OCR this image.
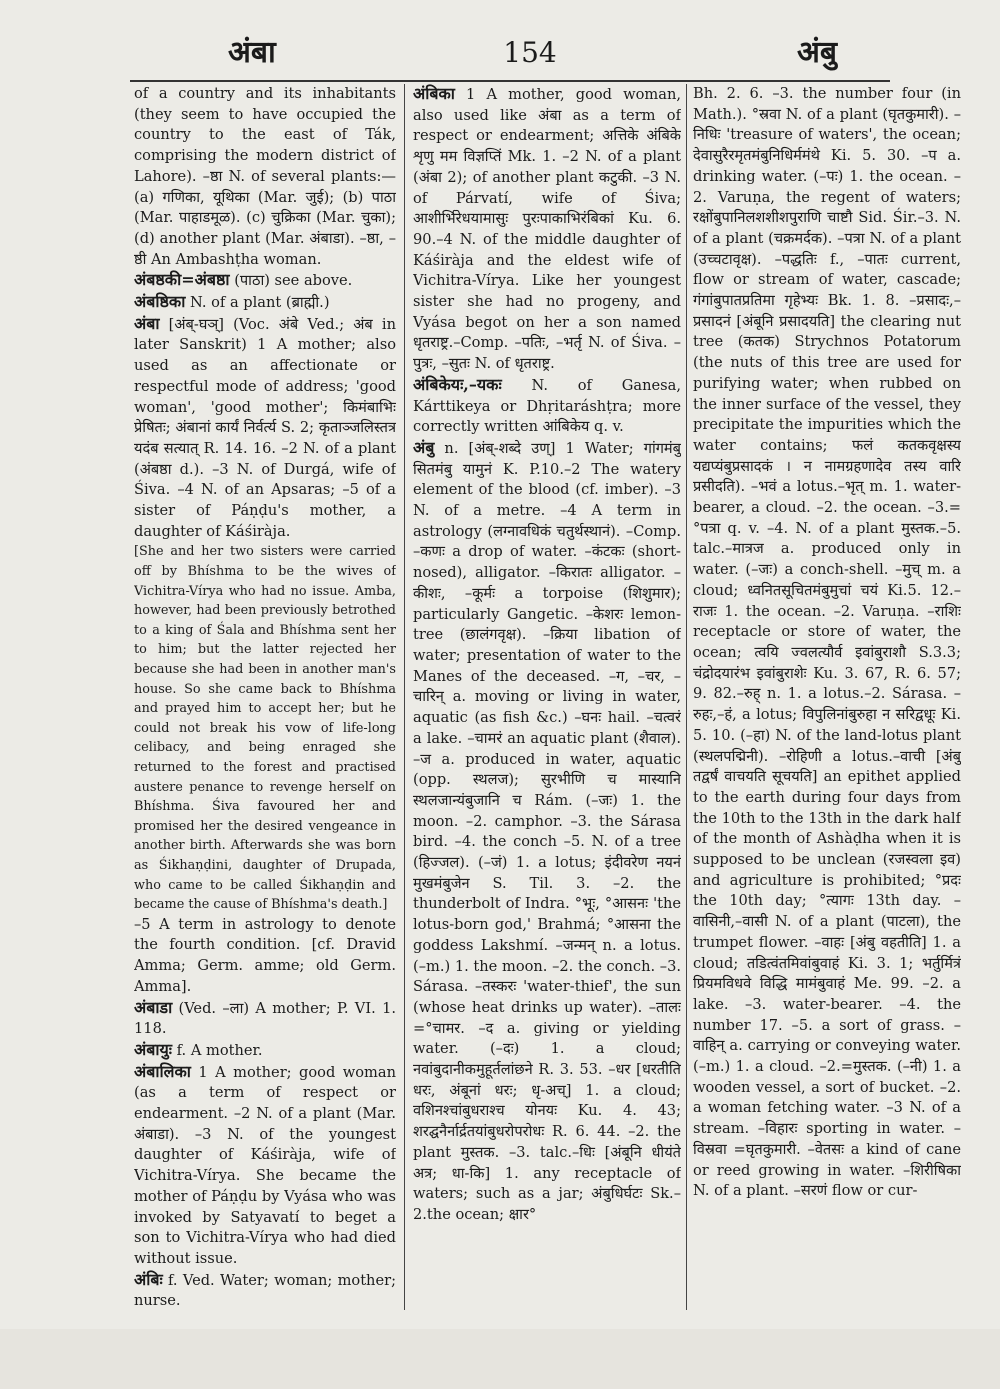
अंबा	154	अंबु

of a country and its inhabitants (they seem to have occupied the country to the east of Ták, comprising the modern district of Lahore). –ष्ठा N. of several plants:— (a) गणिका, यूथिका (Mar. जुई); (b) पाठा (Mar. पाहाडमूळ). (c) चुक्रिका (Mar. चुका); (d) another plant (Mar. अंबाडा). –ष्ठा, –ष्ठी An Ambashṭha woman.

अंबष्ठकी=अंबष्ठा (पाठा) see above.

अंबष्ठिका N. of a plant (ब्राह्मी.)

अंबा [अंब्-घञ्] (Voc. अंबे Ved.; अंब in later Sanskrit) 1 A mother; also used as an affectionate or respectful mode of address; 'good woman', 'good mother'; किमंबाभिः प्रेषितः; अंबानां कार्यं निर्वर्त्य S. 2; कृताञ्जलिस्तत्र यदंब सत्यात् R. 14. 16. –2 N. of a plant (अंबष्ठा d.). –3 N. of Durgá, wife of Śiva. –4 N. of an Apsaras; –5 of a sister of Páṇḍu's mother, a daughter of Káśiràja.

[She and her two sisters were carried off by Bhíshma to be the wives of Vichitra-Vírya who had no issue. Amba, however, had been previously betrothed to a king of Śala and Bhíshma sent her to him; but the latter rejected her because she had been in another man's house. So she came back to Bhíshma and prayed him to accept her; but he could not break his vow of life-long celibacy, and being enraged she returned to the forest and practised austere penance to revenge herself on Bhíshma. Śiva favoured her and promised her the desired vengeance in another birth. Afterwards she was born as Śikhaṇḍini, daughter of Drupada, who came to be called Śikhaṇḍin and became the cause of Bhíshma's death.]

–5 A term in astrology to denote the fourth condition. [cf. Dravid Amma; Germ. amme; old Germ. Amma].

अंबाडा (Ved. –ला) A mother; P. VI. 1. 118.

अंबायुः f. A mother.

अंबालिका 1 A mother; good woman (as a term of respect or endearment. –2 N. of a plant (Mar. अंबाडा). –3 N. of the youngest daughter of Káśiràja, wife of Vichitra-Vírya. She became the mother of Páṇḍu by Vyása who was invoked by Satyavatí to beget a son to Vichitra-Vírya who had died without issue.

अंबिः f. Ved. Water; woman; mother; nurse.

अंबिका 1 A mother, good woman, also used like अंबा as a term of respect or endearment; अत्तिके अंबिके शृणु मम विज्ञप्तिं Mk. 1. –2 N. of a plant (अंबा 2); of another plant कटुकी. –3 N. of Párvatí, wife of Śiva; आशीर्भिरेधयामासुः पुरःपाकाभिरंबिकां Ku. 6. 90.–4 N. of the middle daughter of Káśiràja and the eldest wife of Vichitra-Vírya. Like her youngest sister she had no progeny, and Vyása begot on her a son named धृतराष्ट्र.–Comp. –पतिः, –भर्तृ N. of Śiva. –पुत्रः, –सुतः N. of धृतराष्ट्र.

अंबिकेयः,–यकः N. of Ganesa, Kárttikeya or Dhṛitaráshṭra; more correctly written आंबिकेय q. v.

अंबु n. [अंब्-शब्दे उण्] 1 Water; गांगमंबु सितमंबु यामुनं K. P.10.–2 The watery element of the blood (cf. imber). –3 N. of a metre. –4 A term in astrology (लग्नावधिकं चतुर्थस्थानं). –Comp. –कणः a drop of water. –कंटकः (short-nosed), alligator. –किरातः alligator. –कीशः, –कूर्मः a torpoise (शिशुमार); particularly Gangetic. –केशरः lemon-tree (छालंगवृक्ष). –क्रिया libation of water; presentation of water to the Manes of the deceased. –ग, –चर, –चारिन् a. moving or living in water, aquatic (as fish &c.) –घनः hail. –चत्वरं a lake. –चामरं an aquatic plant (शैवाल). –ज a. produced in water, aquatic (opp. स्थलज); सुरभीणि च मास्यानि स्थलजान्यंबुजानि च Rám. (–जः) 1. the moon. –2. camphor. –3. the Sárasa bird. –4. the conch –5. N. of a tree (हिज्जल). (–जं) 1. a lotus; इंदीवरेण नयनं मुखमंबुजेन S. Til. 3. –2. the thunderbolt of Indra. °भूः, °आसनः 'the lotus-born god,' Brahmá; °आसना the goddess Lakshmí. –जन्मन् n. a lotus. (–m.) 1. the moon. –2. the conch. –3. Sárasa. –तस्करः 'water-thief', the sun (whose heat drinks up water). –तालः =°चामर. –द a. giving or yielding water. (–दः) 1. a cloud; नवांबुदानीकमुहूर्तलांछने R. 3. 53. –धर [धरतीति धरः, अंबूनां धरः; धृ-अच्] 1. a cloud; वशिनश्चांबुधराश्च योनयः Ku. 4. 43; शरद्घनैर्नार्द्रतयांबुधरोपरोधः R. 6. 44. –2. the plant मुस्तक. –3. talc.–धिः [अंबूनि धीयंते अत्र; धा-कि] 1. any receptacle of waters; such as a jar; अंबुधिर्घटः Sk.–2.the ocean; क्षार°

Bh. 2. 6. –3. the number four (in Math.). °स्रवा N. of a plant (घृतकुमारी). –निधिः 'treasure of waters', the ocean; देवासुरैरमृतमंबुनिधिर्ममंथे Ki. 5. 30. –प a. drinking water. (–पः) 1. the ocean. –2. Varuṇa, the regent of waters; रक्षोंबुपानिलशशीशपुराणि चाष्टौ Sid. Śir.–3. N. of a plant (चक्रमर्दक). –पत्रा N. of a plant (उच्चटावृक्ष). –पद्धतिः f., –पातः current, flow or stream of water, cascade; गंगांबुपातप्रतिमा गृहेभ्यः Bk. 1. 8. –प्रसादः,–प्रसादनं [अंबूनि प्रसादयति] the clearing nut tree (कतक) Strychnos Potatorum (the nuts of this tree are used for purifying water; when rubbed on the inner surface of the vessel, they precipitate the impurities which the water contains; फलं कतकवृक्षस्य यद्यप्यंबुप्रसादकं । न नामग्रहणादेव तस्य वारि प्रसीदति). –भवं a lotus.–भृत् m. 1. water-bearer, a cloud. –2. the ocean. –3.= °पत्रा q. v. –4. N. of a plant मुस्तक.–5. talc.–मात्रज a. produced only in water. (–जः) a conch-shell. –मुच् m. a cloud; ध्वनितसूचितमंबुमुचां चयं Ki.5. 12.–राजः 1. the ocean. –2. Varuṇa. –राशिः receptacle or store of water, the ocean; त्वयि ज्वलत्यौर्व इवांबुराशौ S.3.3; चंद्रोदयारंभ इवांबुराशेः Ku. 3. 67, R. 6. 57; 9. 82.–रुह् n. 1. a lotus.–2. Sárasa. –रुहः,–हं, a lotus; विपुलिनांबुरुहा न सरिद्वधूः Ki. 5. 10. (–हा) N. of the land-lotus plant (स्थलपद्मिनी). –रोहिणी a lotus.–वाची [अंबु तद्वर्षं वाचयति सूचयति] an epithet applied to the earth during four days from the 10th to the 13th in the dark half of the month of Ashàḍha when it is supposed to be unclean (रजस्वला इव) and agriculture is prohibited; °प्रदः the 10th day; °त्यागः 13th day. –वासिनी,–वासी N. of a plant (पाटला), the trumpet flower. –वाहः [अंबु वहतीति] 1. a cloud; तडित्वंतमिवांबुवाहं Ki. 3. 1; भर्तुर्मित्रं प्रियमविधवे विद्धि मामंबुवाहं Me. 99. –2. a lake. –3. water-bearer. –4. the number 17. –5. a sort of grass. –वाहिन् a. carrying or conveying water. (–m.) 1. a cloud. –2.=मुस्तक. (–नी) 1. a wooden vessel, a sort of bucket. –2. a woman fetching water. –3 N. of a stream. –विहारः sporting in water. –विस्रवा =घृतकुमारी. –वेतसः a kind of cane or reed growing in water. –शिरीषिका N. of a plant. –सरणं flow or cur-
